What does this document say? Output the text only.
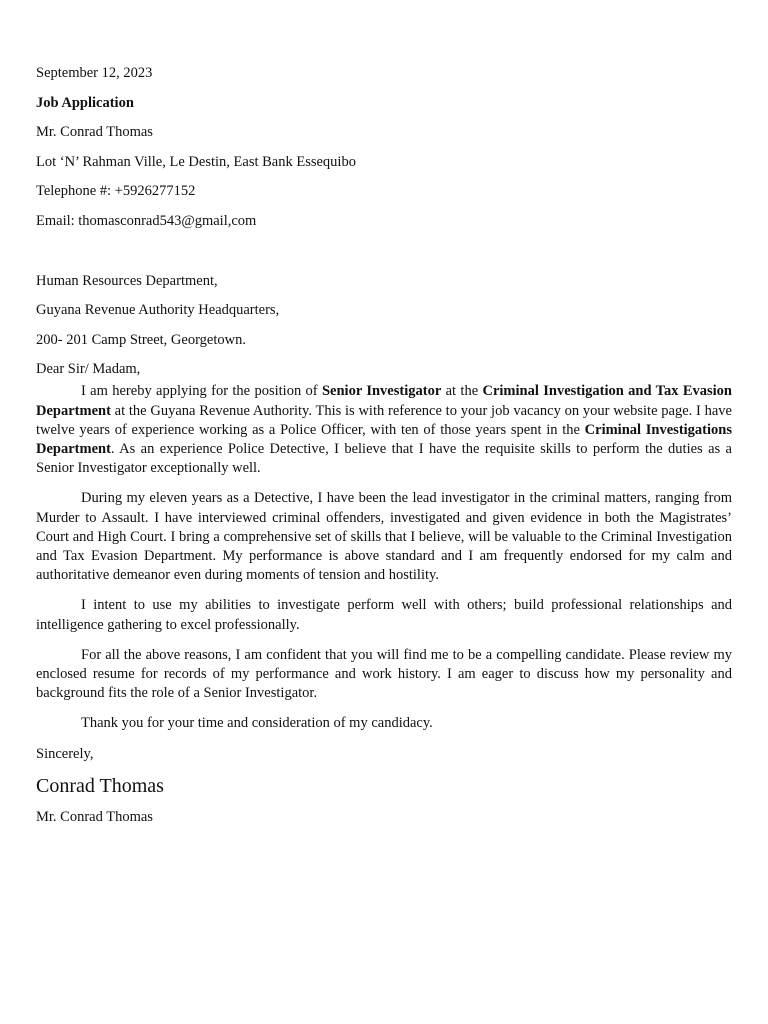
September 12, 2023
Job Application
Mr. Conrad Thomas
Lot ‘N’ Rahman Ville, Le Destin, East Bank Essequibo
Telephone #: +5926277152
Email: thomasconrad543@gmail,com
Human Resources Department,
Guyana Revenue Authority Headquarters,
200- 201 Camp Street, Georgetown.
Dear Sir/ Madam,

I am hereby applying for the position of Senior Investigator at the Criminal Investigation and Tax Evasion Department at the Guyana Revenue Authority. This is with reference to your job vacancy on your website page. I have twelve years of experience working as a Police Officer, with ten of those years spent in the Criminal Investigations Department. As an experience Police Detective, I believe that I have the requisite skills to perform the duties as a Senior Investigator exceptionally well.

During my eleven years as a Detective, I have been the lead investigator in the criminal matters, ranging from Murder to Assault. I have interviewed criminal offenders, investigated and given evidence in both the Magistrates’ Court and High Court. I bring a comprehensive set of skills that I believe, will be valuable to the Criminal Investigation and Tax Evasion Department. My performance is above standard and I am frequently endorsed for my calm and authoritative demeanor even during moments of tension and hostility.

I intent to use my abilities to investigate perform well with others; build professional relationships and intelligence gathering to excel professionally.

For all the above reasons, I am confident that you will find me to be a compelling candidate. Please review my enclosed resume for records of my performance and work history. I am eager to discuss how my personality and background fits the role of a Senior Investigator.

Thank you for your time and consideration of my candidacy.

Sincerely,
Conrad Thomas
Mr. Conrad Thomas
